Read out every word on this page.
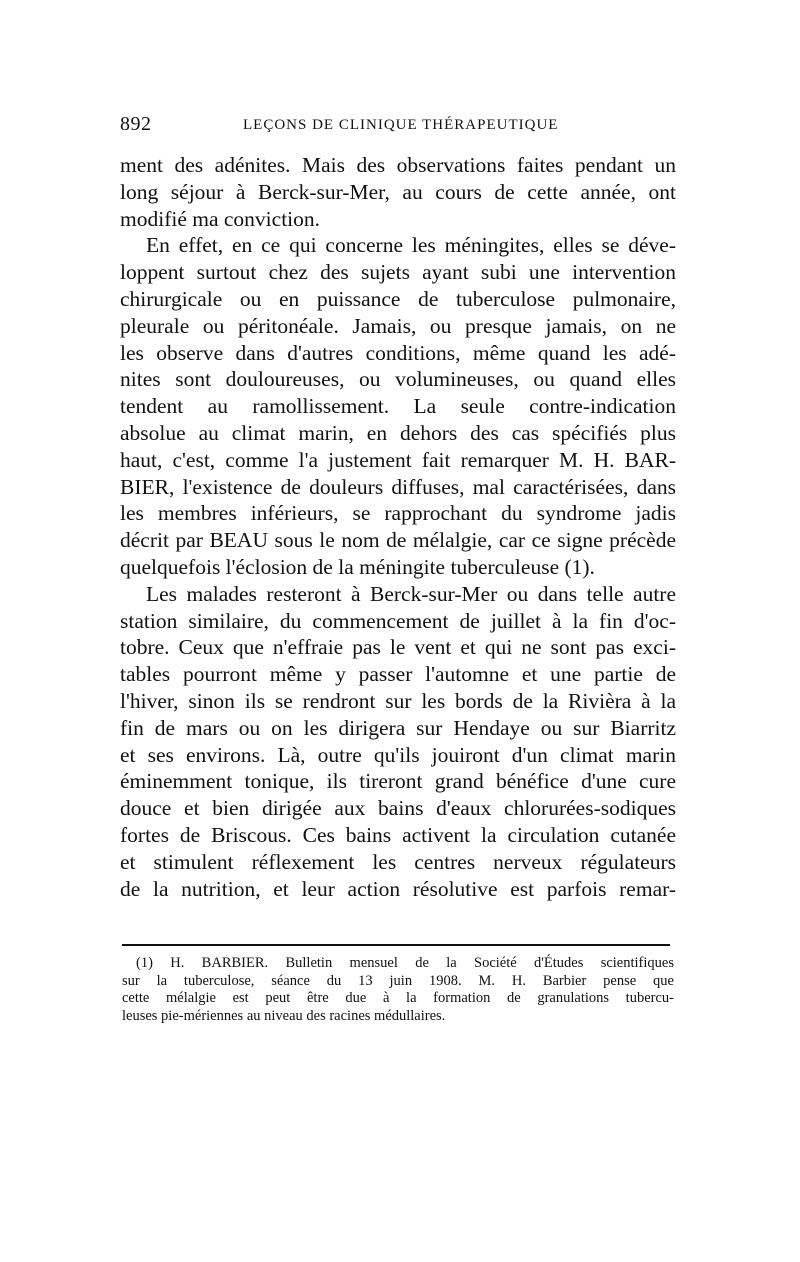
892	LEÇONS DE CLINIQUE THÉRAPEUTIQUE
ment des adénites. Mais des observations faites pendant un
long séjour à Berck-sur-Mer, au cours de cette année, ont
modifié ma conviction.
En effet, en ce qui concerne les méningites, elles se déve-
loppent surtout chez des sujets ayant subi une intervention
chirurgicale ou en puissance de tuberculose pulmonaire,
pleurale ou péritonéale. Jamais, ou presque jamais, on ne
les observe dans d'autres conditions, même quand les adé-
nites sont douloureuses, ou volumineuses, ou quand elles
tendent au ramollissement. La seule contre-indication
absolue au climat marin, en dehors des cas spécifiés plus
haut, c'est, comme l'a justement fait remarquer M. H. BAR-
BIER, l'existence de douleurs diffuses, mal caractérisées, dans
les membres inférieurs, se rapprochant du syndrome jadis
décrit par BEAU sous le nom de mélalgie, car ce signe précède
quelquefois l'éclosion de la méningite tuberculeuse (1).
Les malades resteront à Berck-sur-Mer ou dans telle autre
station similaire, du commencement de juillet à la fin d'oc-
tobre. Ceux que n'effraie pas le vent et qui ne sont pas exci-
tables pourront même y passer l'automne et une partie de
l'hiver, sinon ils se rendront sur les bords de la Rivièra à la
fin de mars ou on les dirigera sur Hendaye ou sur Biarritz
et ses environs. Là, outre qu'ils jouiront d'un climat marin
éminemment tonique, ils tireront grand bénéfice d'une cure
douce et bien dirigée aux bains d'eaux chlorurées-sodiques
fortes de Briscous. Ces bains activent la circulation cutanée
et stimulent réflexement les centres nerveux régulateurs
de la nutrition, et leur action résolutive est parfois remar-
(1) H. BARBIER. Bulletin mensuel de la Société d'Études scientifiques
sur la tuberculose, séance du 13 juin 1908. M. H. Barbier pense que
cette mélalgie est peut être due à la formation de granulations tubercu-
leuses pie-mériennes au niveau des racines médullaires.
